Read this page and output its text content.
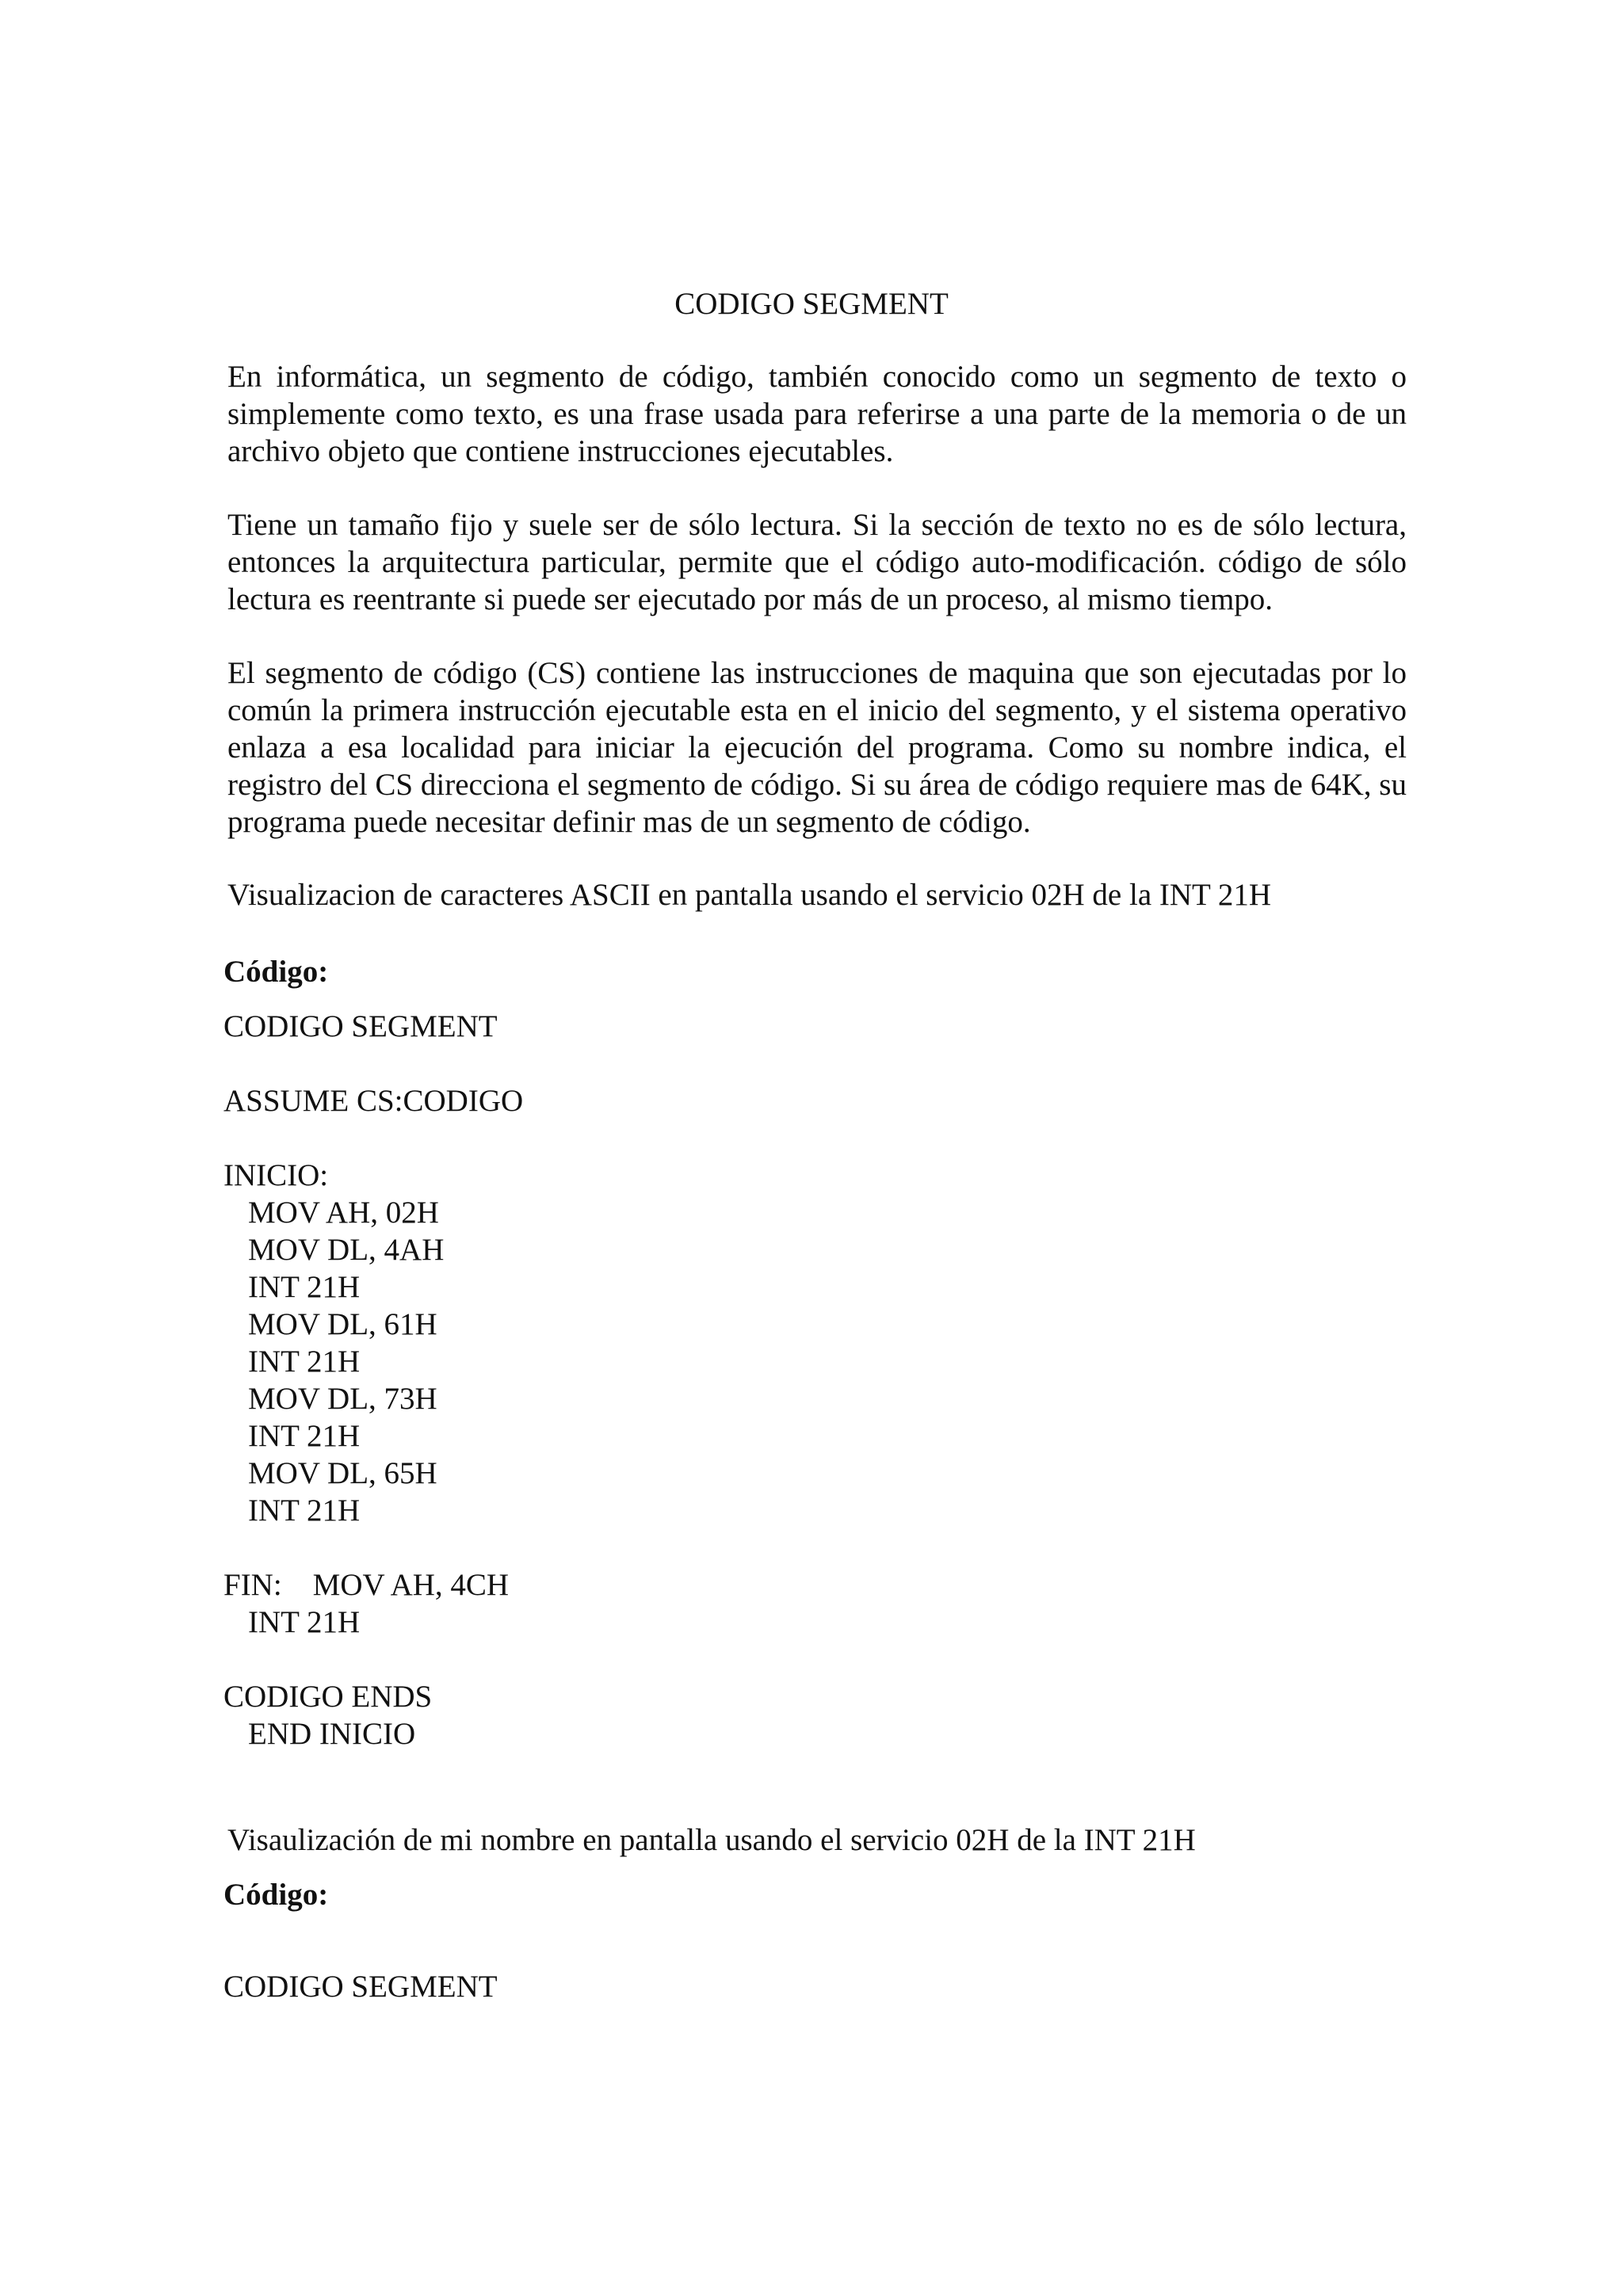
CODIGO SEGMENT

En informática, un segmento de código, también conocido como un segmento de texto o simplemente como texto, es una frase usada para referirse a una parte de la memoria o de un archivo objeto que contiene instrucciones ejecutables.

Tiene un tamaño fijo y suele ser de sólo lectura. Si la sección de texto no es de sólo lectura, entonces la arquitectura particular, permite que el código auto-modificación. código de sólo lectura es reentrante si puede ser ejecutado por más de un proceso, al mismo tiempo.

El segmento de código (CS) contiene las instrucciones de maquina que son ejecutadas por lo común la primera instrucción ejecutable esta en el inicio del segmento, y el sistema operativo enlaza a esa localidad para iniciar la ejecución del programa. Como su nombre indica, el registro del CS direcciona el segmento de código. Si su área de código requiere mas de 64K, su programa puede necesitar definir mas de un segmento de código.

Visualizacion de caracteres ASCII en pantalla usando el servicio 02H de la INT 21H

Código:

CODIGO SEGMENT
ASSUME CS:CODIGO
INICIO:
MOV AH, 02H
MOV DL, 4AH
INT 21H
MOV DL, 61H
INT 21H
MOV DL, 73H
INT 21H
MOV DL, 65H
INT 21H
FIN:    MOV AH, 4CH
INT 21H
CODIGO ENDS
END INICIO

Visaulización de mi nombre en pantalla usando el servicio 02H de la INT 21H

Código:

CODIGO SEGMENT
